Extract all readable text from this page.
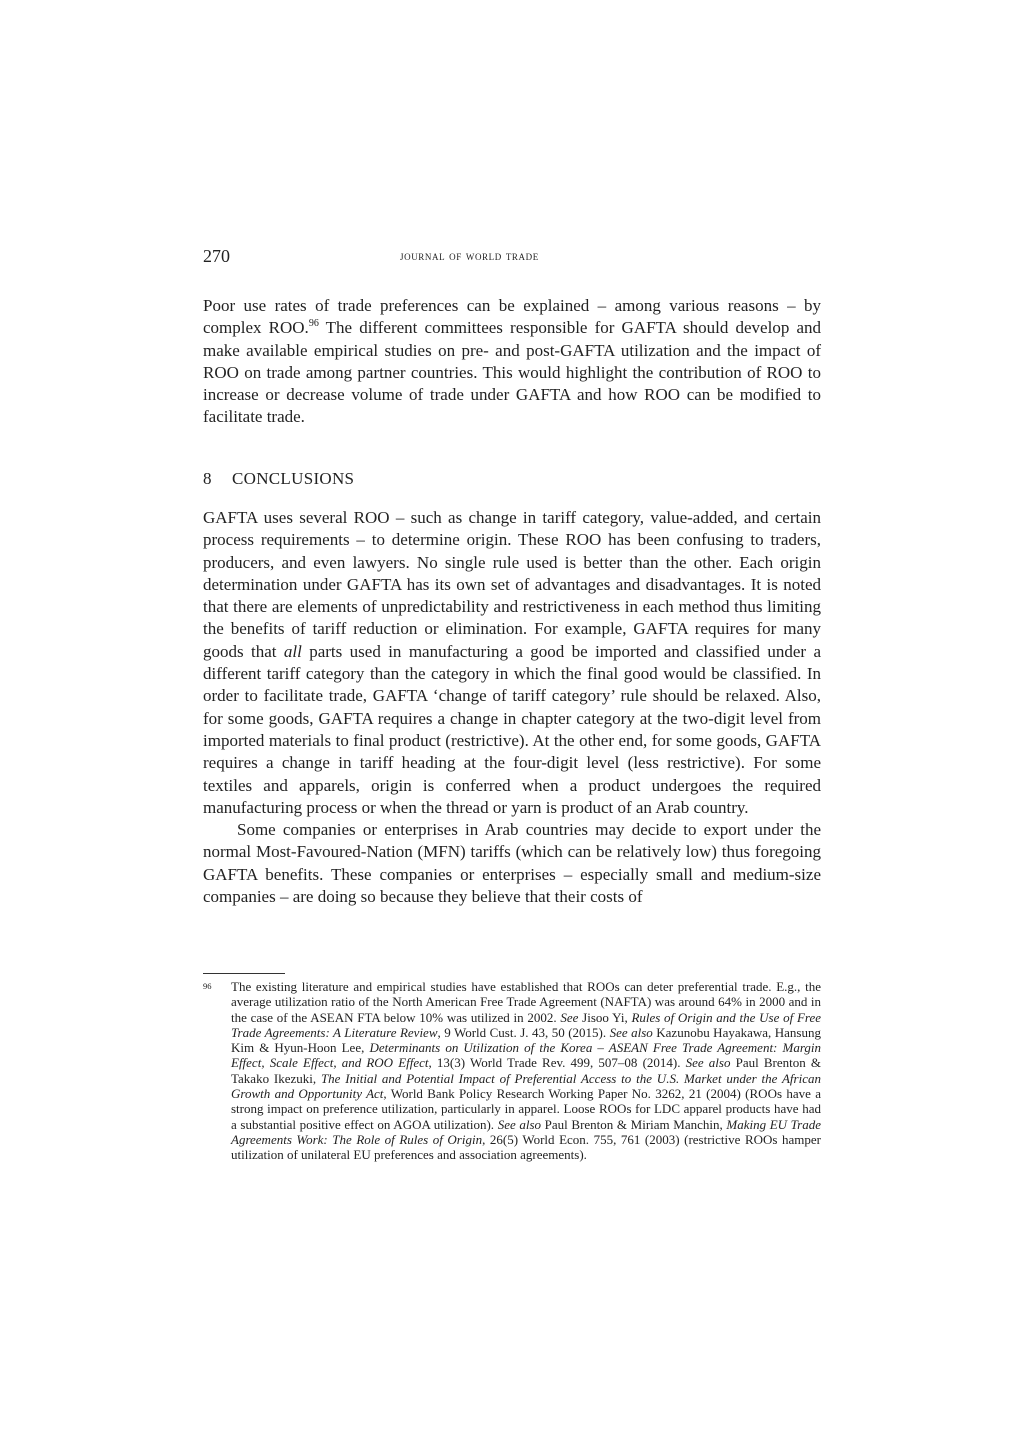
270	journal of world trade

Poor use rates of trade preferences can be explained – among various reasons – by complex ROO.$^{96}$ The different committees responsible for GAFTA should develop and make available empirical studies on pre- and post-GAFTA utilization and the impact of ROO on trade among partner countries. This would highlight the contribution of ROO to increase or decrease volume of trade under GAFTA and how ROO can be modified to facilitate trade.

8 CONCLUSIONS

GAFTA uses several ROO – such as change in tariff category, value-added, and certain process requirements – to determine origin. These ROO has been confusing to traders, producers, and even lawyers. No single rule used is better than the other. Each origin determination under GAFTA has its own set of advantages and disadvantages. It is noted that there are elements of unpredictability and restrictiveness in each method thus limiting the benefits of tariff reduction or elimination. For example, GAFTA requires for many goods that all parts used in manufacturing a good be imported and classified under a different tariff category than the category in which the final good would be classified. In order to facilitate trade, GAFTA ‘change of tariff category’ rule should be relaxed. Also, for some goods, GAFTA requires a change in chapter category at the two-digit level from imported materials to final product (restrictive). At the other end, for some goods, GAFTA requires a change in tariff heading at the four-digit level (less restrictive). For some textiles and apparels, origin is conferred when a product undergoes the required manufacturing process or when the thread or yarn is product of an Arab country.

Some companies or enterprises in Arab countries may decide to export under the normal Most-Favoured-Nation (MFN) tariffs (which can be relatively low) thus foregoing GAFTA benefits. These companies or enterprises – especially small and medium-size companies – are doing so because they believe that their costs of

96 The existing literature and empirical studies have established that ROOs can deter preferential trade. E.g., the average utilization ratio of the North American Free Trade Agreement (NAFTA) was around 64% in 2000 and in the case of the ASEAN FTA below 10% was utilized in 2002. See Jisoo Yi, Rules of Origin and the Use of Free Trade Agreements: A Literature Review, 9 World Cust. J. 43, 50 (2015). See also Kazunobu Hayakawa, Hansung Kim & Hyun-Hoon Lee, Determinants on Utilization of the Korea – ASEAN Free Trade Agreement: Margin Effect, Scale Effect, and ROO Effect, 13(3) World Trade Rev. 499, 507–08 (2014). See also Paul Brenton & Takako Ikezuki, The Initial and Potential Impact of Preferential Access to the U.S. Market under the African Growth and Opportunity Act, World Bank Policy Research Working Paper No. 3262, 21 (2004) (ROOs have a strong impact on preference utilization, particularly in apparel. Loose ROOs for LDC apparel products have had a substantial positive effect on AGOA utilization). See also Paul Brenton & Miriam Manchin, Making EU Trade Agreements Work: The Role of Rules of Origin, 26(5) World Econ. 755, 761 (2003) (restrictive ROOs hamper utilization of unilateral EU preferences and association agreements).
